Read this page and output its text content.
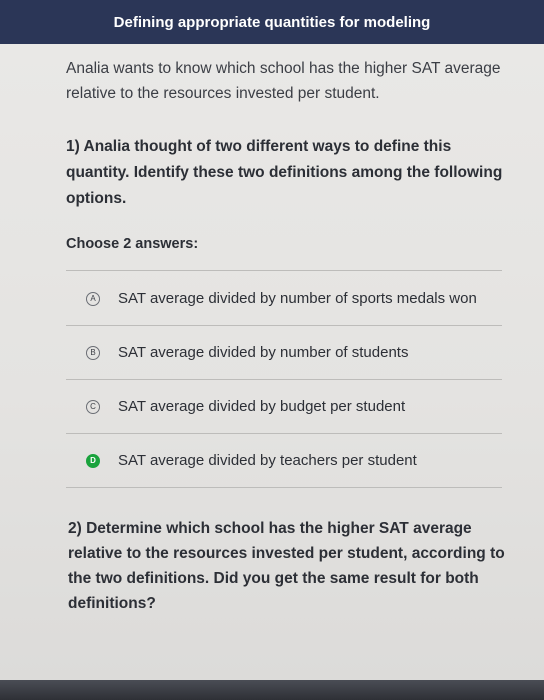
Defining appropriate quantities for modeling
Analia wants to know which school has the higher SAT average relative to the resources invested per student.
1) Analia thought of two different ways to define this quantity. Identify these two definitions among the following options.
Choose 2 answers:
A SAT average divided by number of sports medals won
B SAT average divided by number of students
C SAT average divided by budget per student
D SAT average divided by teachers per student
2) Determine which school has the higher SAT average relative to the resources invested per student, according to the two definitions. Did you get the same result for both definitions?
